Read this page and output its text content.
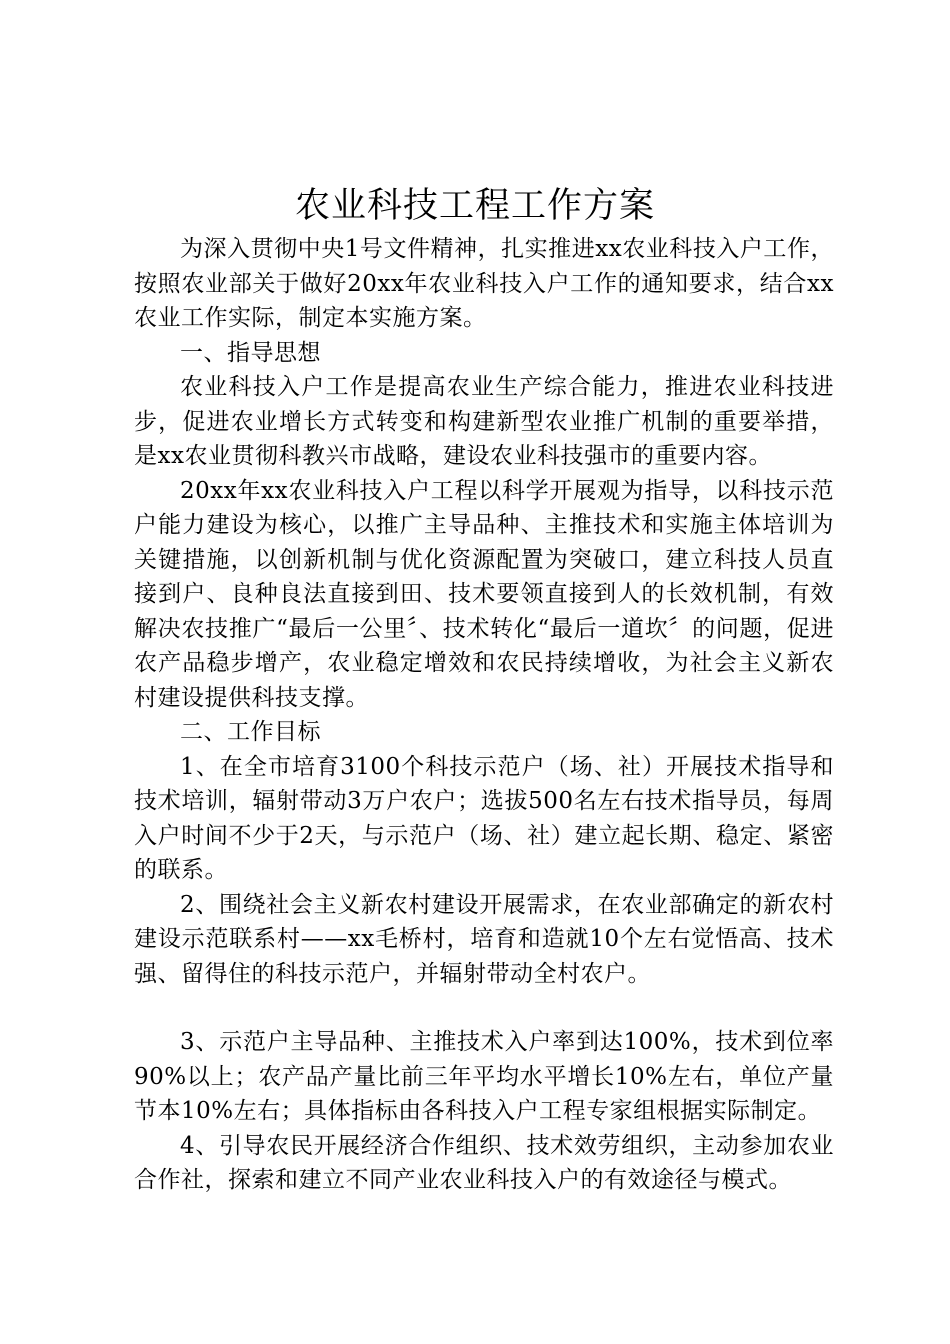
农业科技工程工作方案

为深入贯彻中央1号文件精神，扎实推进xx农业科技入户工作，按照农业部关于做好20xx年农业科技入户工作的通知要求，结合xx农业工作实际，制定本实施方案。

一、指导思想

农业科技入户工作是提高农业生产综合能力，推进农业科技进步，促进农业增长方式转变和构建新型农业推广机制的重要举措，是xx农业贯彻科教兴市战略，建设农业科技强市的重要内容。

20xx年xx农业科技入户工程以科学开展观为指导，以科技示范户能力建设为核心，以推广主导品种、主推技术和实施主体培训为关键措施，以创新机制与优化资源配置为突破口，建立科技人员直接到户、良种良法直接到田、技术要领直接到人的长效机制，有效解决农技推广“最后一公里〞、技术转化“最后一道坎〞的问题，促进农产品稳步增产，农业稳定增效和农民持续增收，为社会主义新农村建设提供科技支撑。

二、工作目标

1、在全市培育3100个科技示范户（场、社）开展技术指导和技术培训，辐射带动3万户农户；选拔500名左右技术指导员，每周入户时间不少于2天，与示范户（场、社）建立起长期、稳定、紧密的联系。

2、围绕社会主义新农村建设开展需求，在农业部确定的新农村建设示范联系村——xx毛桥村，培育和造就10个左右觉悟高、技术强、留得住的科技示范户，并辐射带动全村农户。

3、示范户主导品种、主推技术入户率到达100%，技术到位率90%以上；农产品产量比前三年平均水平增长10%左右，单位产量节本10%左右；具体指标由各科技入户工程专家组根据实际制定。

4、引导农民开展经济合作组织、技术效劳组织，主动参加农业合作社，探索和建立不同产业农业科技入户的有效途径与模式。
